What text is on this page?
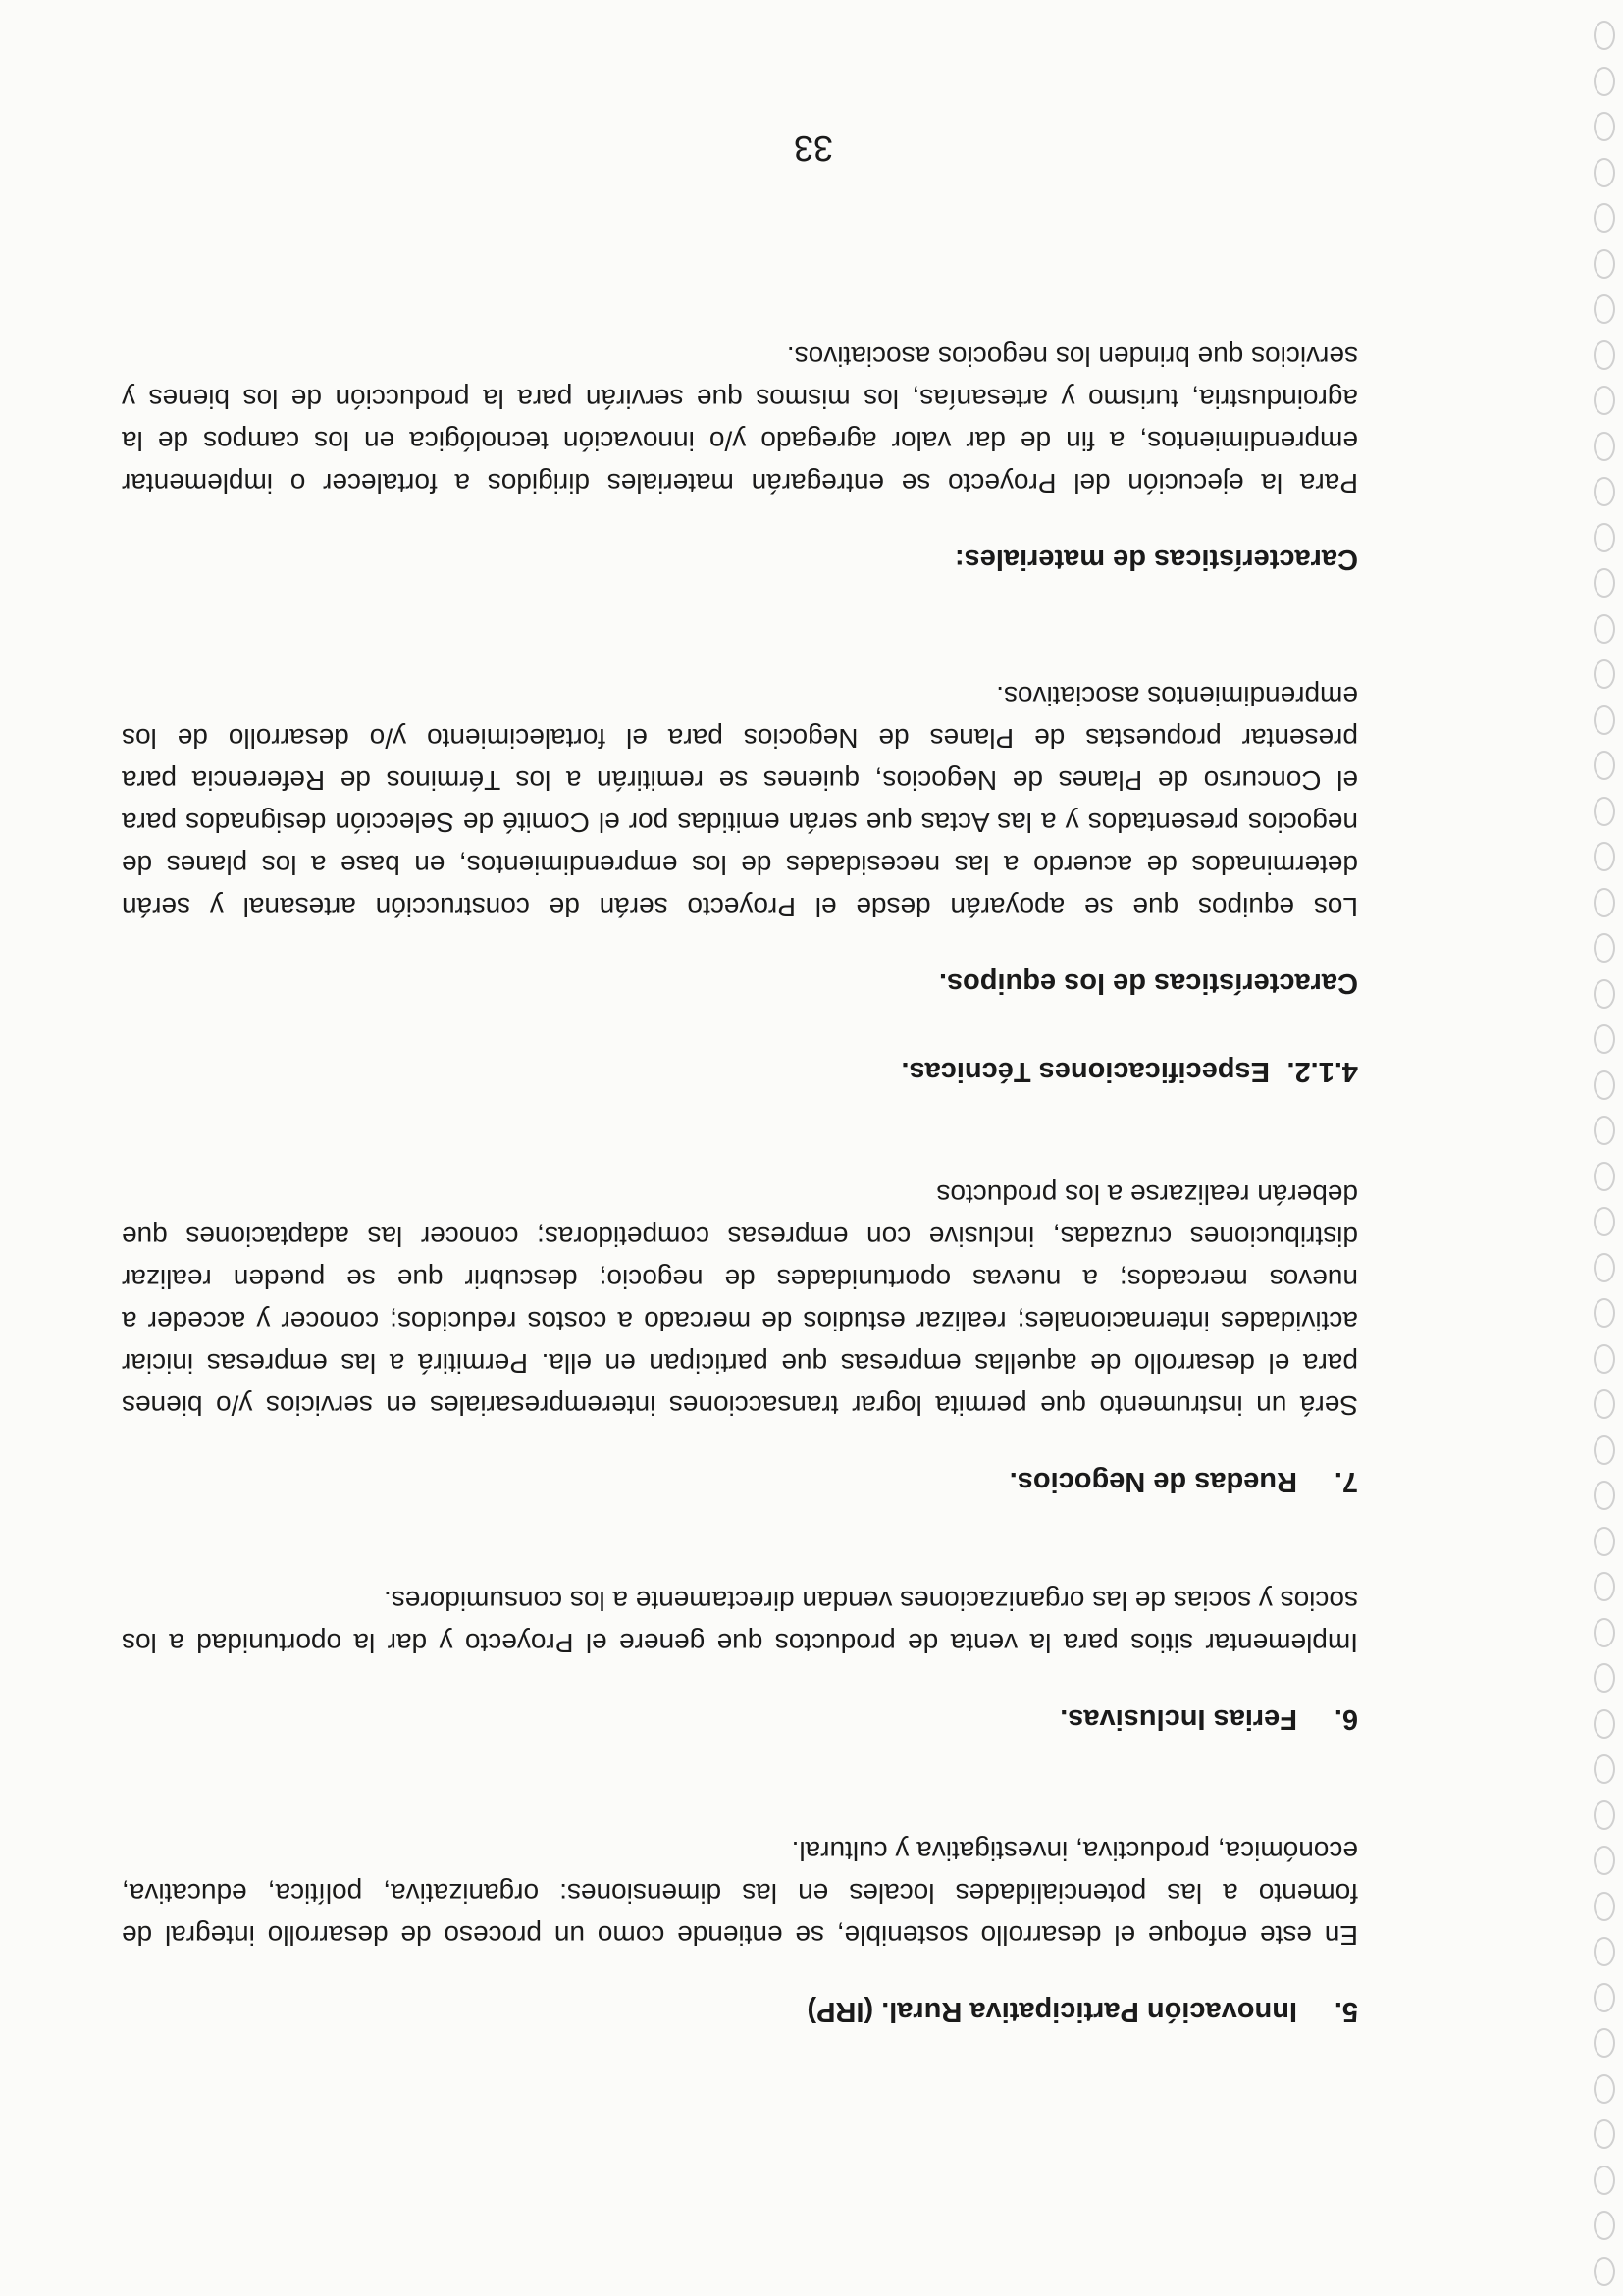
5.Innovación Participativa Rural. (IRP)

En este enfoque el desarrollo sostenible, se entiende como un proceso de desarrollo integral de fomento a las potencialidades locales en las dimensiones: organizativa, política, educativa, económica, productiva, investigativa y cultural.

6.Ferias Inclusivas.

Implementar sitios para la venta de productos que genere el Proyecto y dar la oportunidad a los socios y socias de las organizaciones vendan directamente a los consumidores.

7.Ruedas de Negocios.

Será un instrumento que permita lograr transacciones interempresariales en servicios y/o bienes para el desarrollo de aquellas empresas que participan en ella. Permitirá a las empresas iniciar actividades internacionales; realizar estudios de mercado a costos reducidos; conocer y acceder a nuevos mercados; a nuevas oportunidades de negocio; descubrir que se pueden realizar distribuciones cruzadas, inclusive con empresas competidoras; conocer las adaptaciones que deberán realizarse a los productos

4.1.2.Especificaciones Técnicas.
Características de los equipos.

Los equipos que se apoyarán desde el Proyecto serán de construcción artesanal y serán determinados de acuerdo a las necesidades de los emprendimientos, en base a los planes de negocios presentados y a las Actas que serán emitidas por el Comité de Selección designados para el Concurso de Planes de Negocios, quienes se remitirán a los Términos de Referencia para presentar propuestas de Planes de Negocios para el fortalecimiento y/o desarrollo de los emprendimientos asociativos.

Características de materiales:

Para la ejecución del Proyecto se entregarán materiales dirigidos a fortalecer o implementar emprendimientos, a fin de dar valor agregado y/o innovación tecnológica en los campos de la agroindustria, turismo y artesanías, los mismos que servirán para la producción de los bienes y servicios que brinden los negocios asociativos.

33
